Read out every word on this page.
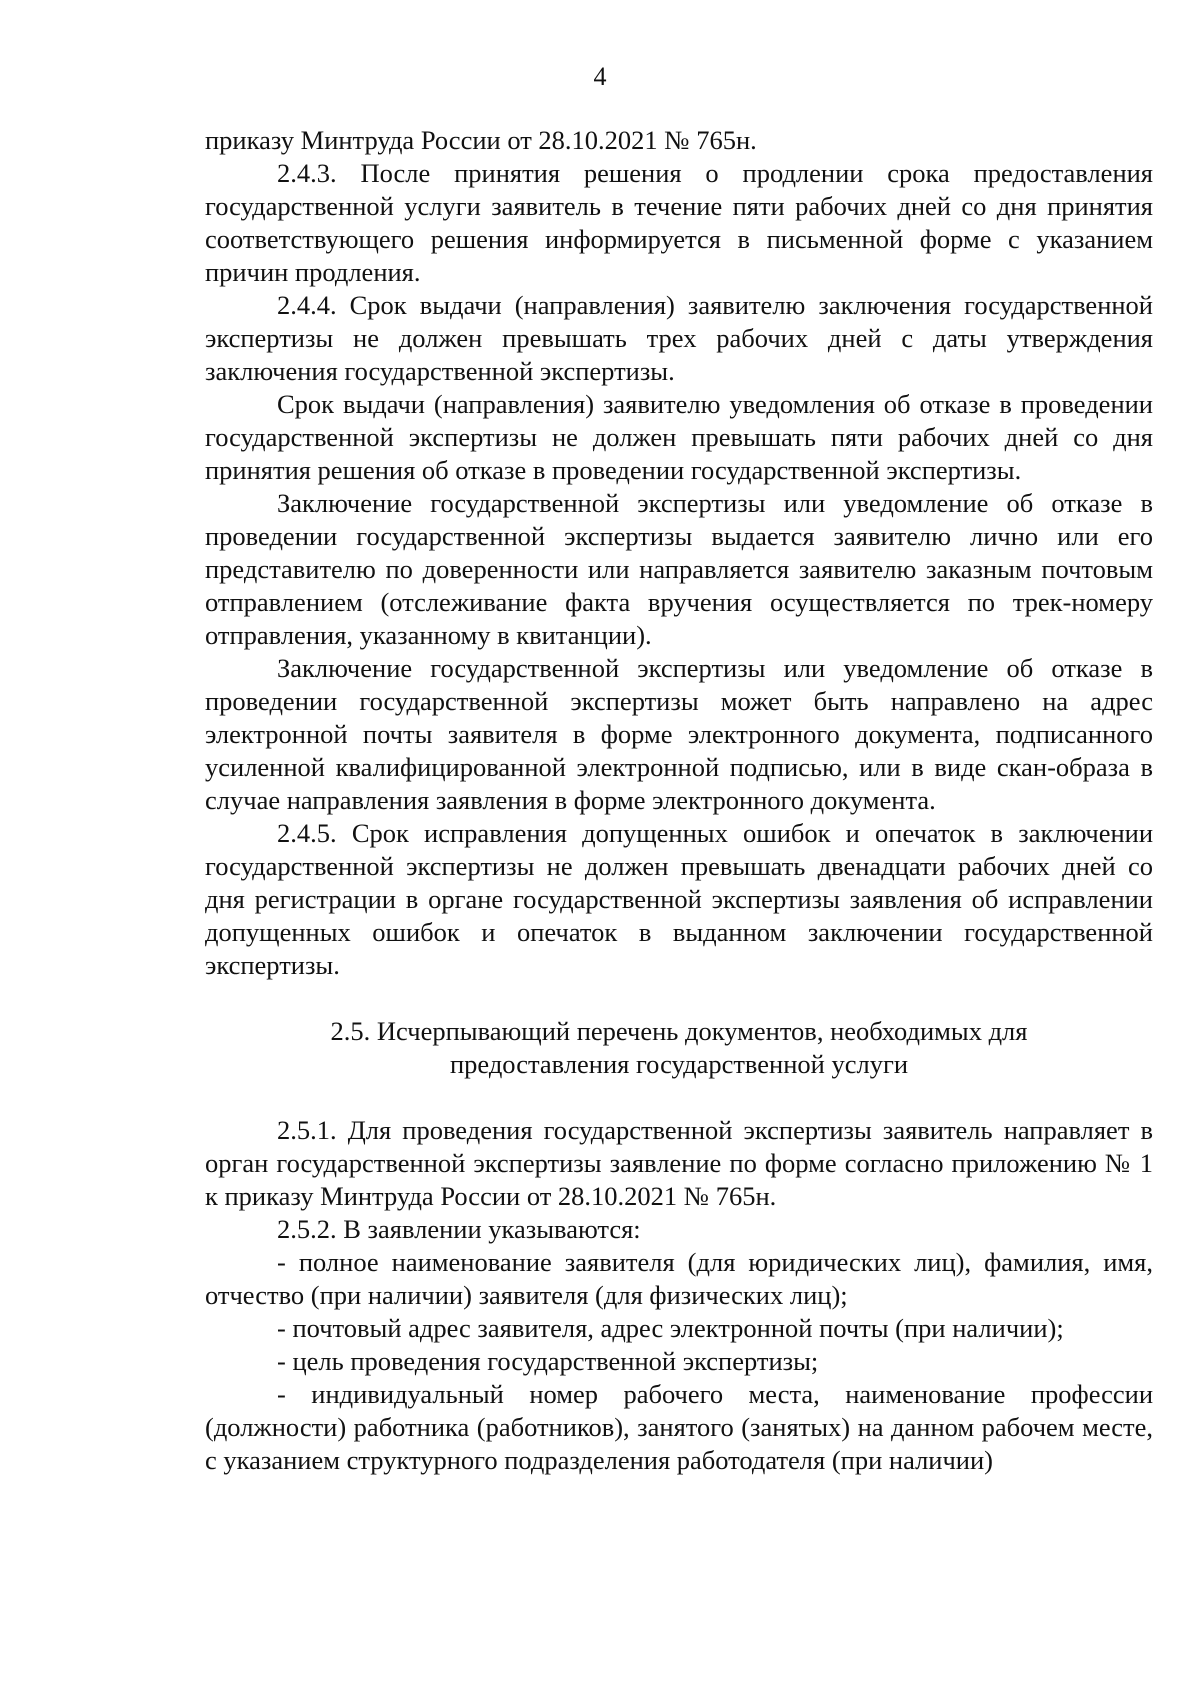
4

приказу Минтруда России от 28.10.2021 № 765н.

2.4.3. После принятия решения о продлении срока предоставления государственной услуги заявитель в течение пяти рабочих дней со дня принятия соответствующего решения информируется в письменной форме с указанием причин продления.

2.4.4. Срок выдачи (направления) заявителю заключения государственной экспертизы не должен превышать трех рабочих дней с даты утверждения заключения государственной экспертизы.

Срок выдачи (направления) заявителю уведомления об отказе в проведении государственной экспертизы не должен превышать пяти рабочих дней со дня принятия решения об отказе в проведении государственной экспертизы.

Заключение государственной экспертизы или уведомление об отказе в проведении государственной экспертизы выдается заявителю лично или его представителю по доверенности или направляется заявителю заказным почтовым отправлением (отслеживание факта вручения осуществляется по трек-номеру отправления, указанному в квитанции).

Заключение государственной экспертизы или уведомление об отказе в проведении государственной экспертизы может быть направлено на адрес электронной почты заявителя в форме электронного документа, подписанного усиленной квалифицированной электронной подписью, или в виде скан-образа в случае направления заявления в форме электронного документа.

2.4.5. Срок исправления допущенных ошибок и опечаток в заключении государственной экспертизы не должен превышать двенадцати рабочих дней со дня регистрации в органе государственной экспертизы заявления об исправлении допущенных ошибок и опечаток в выданном заключении государственной экспертизы.

2.5. Исчерпывающий перечень документов, необходимых для
предоставления государственной услуги

2.5.1. Для проведения государственной экспертизы заявитель направляет в орган государственной экспертизы заявление по форме согласно приложению № 1 к приказу Минтруда России от 28.10.2021 № 765н.

2.5.2. В заявлении указываются:

- полное наименование заявителя (для юридических лиц), фамилия, имя, отчество (при наличии) заявителя (для физических лиц);

- почтовый адрес заявителя, адрес электронной почты (при наличии);

- цель проведения государственной экспертизы;

- индивидуальный номер рабочего места, наименование профессии (должности) работника (работников), занятого (занятых) на данном рабочем месте, с указанием структурного подразделения работодателя (при наличии)
